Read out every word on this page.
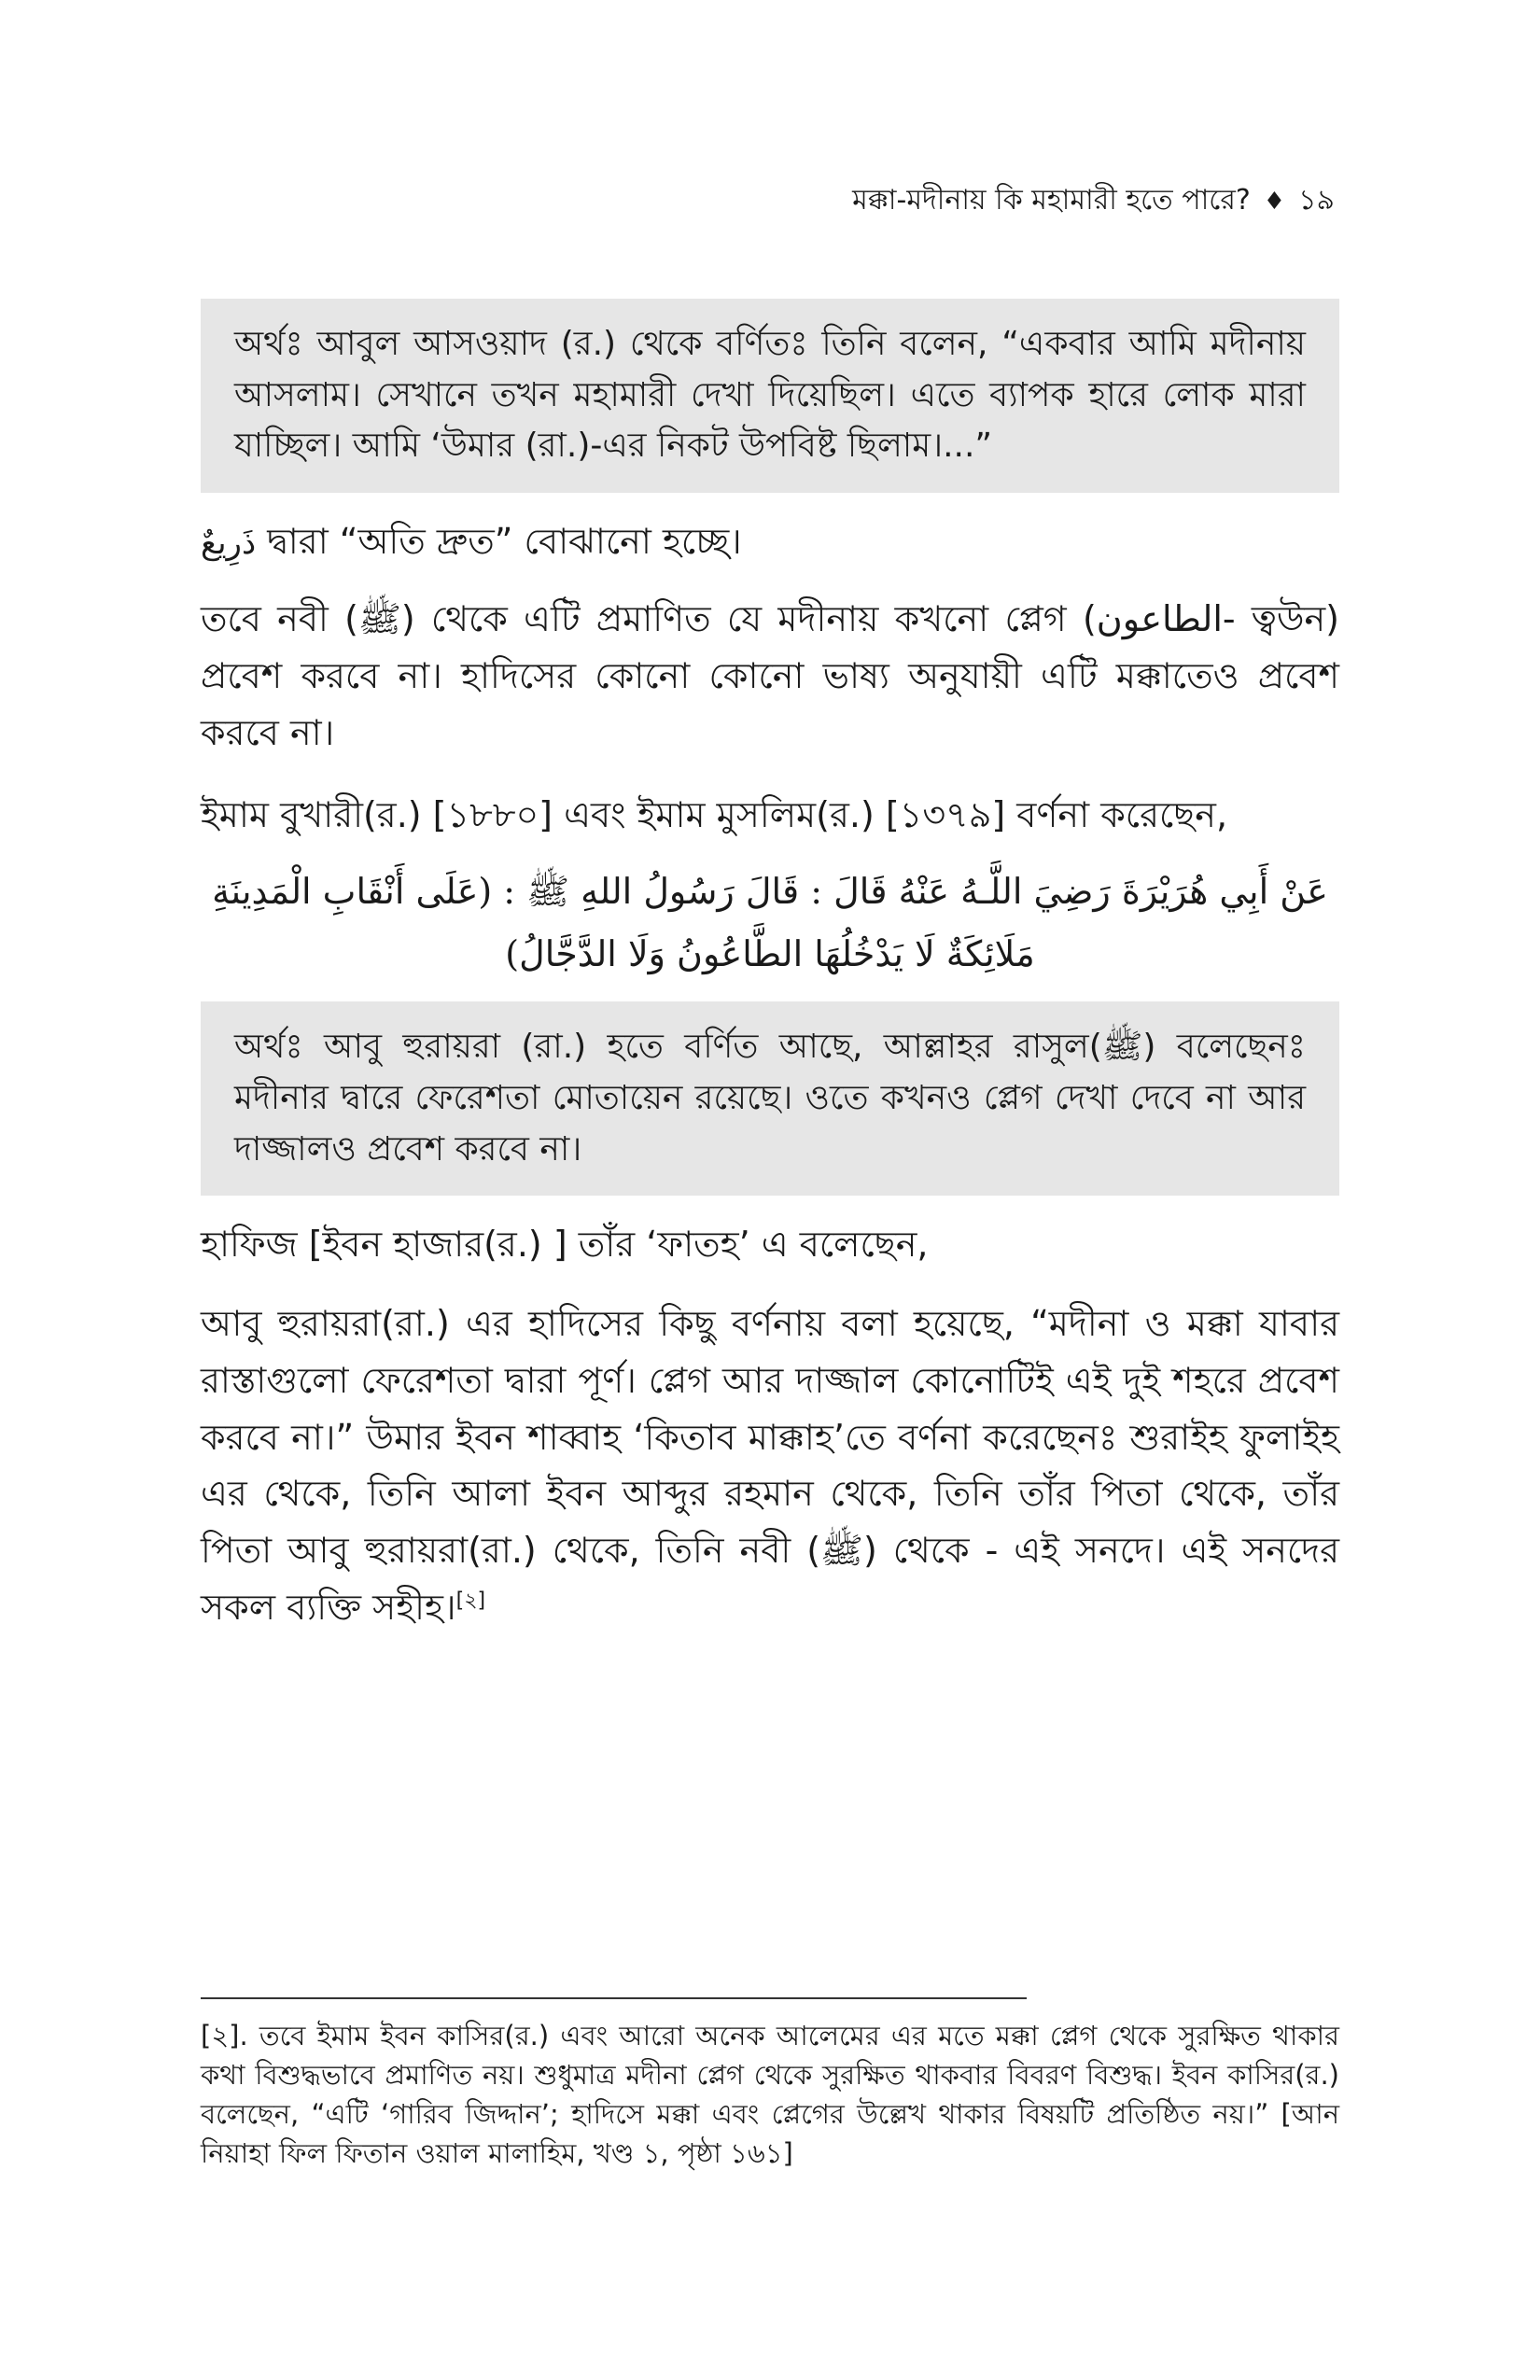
মক্কা-মদীনায় কি মহামারী হতে পারে? ♦ ১৯
অর্থঃ আবুল আসওয়াদ (র.) থেকে বর্ণিতঃ তিনি বলেন, “একবার আমি মদীনায় আসলাম। সেখানে তখন মহামারী দেখা দিয়েছিল। এতে ব্যাপক হারে লোক মারা যাচ্ছিল। আমি ‘উমার (রা.)-এর নিকট উপবিষ্ট ছিলাম।...”

ذَرِيعٌ দ্বারা “অতি দ্রুত” বোঝানো হচ্ছে।

তবে নবী (ﷺ) থেকে এটি প্রমাণিত যে মদীনায় কখনো প্লেগ (الطاعون- ত্বউন) প্রবেশ করবে না। হাদিসের কোনো কোনো ভাষ্য অনুযায়ী এটি মক্কাতেও প্রবেশ করবে না।

ইমাম বুখারী(র.) [১৮৮০] এবং ইমাম মুসলিম(র.) [১৩৭৯] বর্ণনা করেছেন,

عَنْ أَبِي هُرَيْرَةَ رَضِيَ اللَّـهُ عَنْهُ قَالَ : قَالَ رَسُولُ اللهِ ﷺ : (عَلَى أَنْقَابِ الْمَدِينَةِ مَلَائِكَةٌ لَا يَدْخُلُهَا الطَّاعُونُ وَلَا الدَّجَّالُ)

অর্থঃ আবু হুরায়রা (রা.) হতে বর্ণিত আছে, আল্লাহর রাসুল(ﷺ) বলেছেনঃ মদীনার দ্বারে ফেরেশতা মোতায়েন রয়েছে। ওতে কখনও প্লেগ দেখা দেবে না আর দাজ্জালও প্রবেশ করবে না।

হাফিজ [ইবন হাজার(র.) ] তাঁর ‘ফাতহ’ এ বলেছেন,

আবু হুরায়রা(রা.) এর হাদিসের কিছু বর্ণনায় বলা হয়েছে, “মদীনা ও মক্কা যাবার রাস্তাগুলো ফেরেশতা দ্বারা পূর্ণ। প্লেগ আর দাজ্জাল কোনোটিই এই দুই শহরে প্রবেশ করবে না।” উমার ইবন শাব্বাহ ‘কিতাব মাক্কাহ’তে বর্ণনা করেছেনঃ শুরাইহ ফুলাইহ এর থেকে, তিনি আলা ইবন আব্দুর রহমান থেকে, তিনি তাঁর পিতা থেকে, তাঁর পিতা আবু হুরায়রা(রা.) থেকে, তিনি নবী (ﷺ) থেকে - এই সনদে। এই সনদের সকল ব্যক্তি সহীহ।[২]

[২]. তবে ইমাম ইবন কাসির(র.) এবং আরো অনেক আলেমের এর মতে মক্কা প্লেগ থেকে সুরক্ষিত থাকার কথা বিশুদ্ধভাবে প্রমাণিত নয়। শুধুমাত্র মদীনা প্লেগ থেকে সুরক্ষিত থাকবার বিবরণ বিশুদ্ধ। ইবন কাসির(র.) বলেছেন, “এটি ‘গারিব জিদ্দান’; হাদিসে মক্কা এবং প্লেগের উল্লেখ থাকার বিষয়টি প্রতিষ্ঠিত নয়।” [আন নিয়াহা ফিল ফিতান ওয়াল মালাহিম, খণ্ড ১, পৃষ্ঠা ১৬১]
